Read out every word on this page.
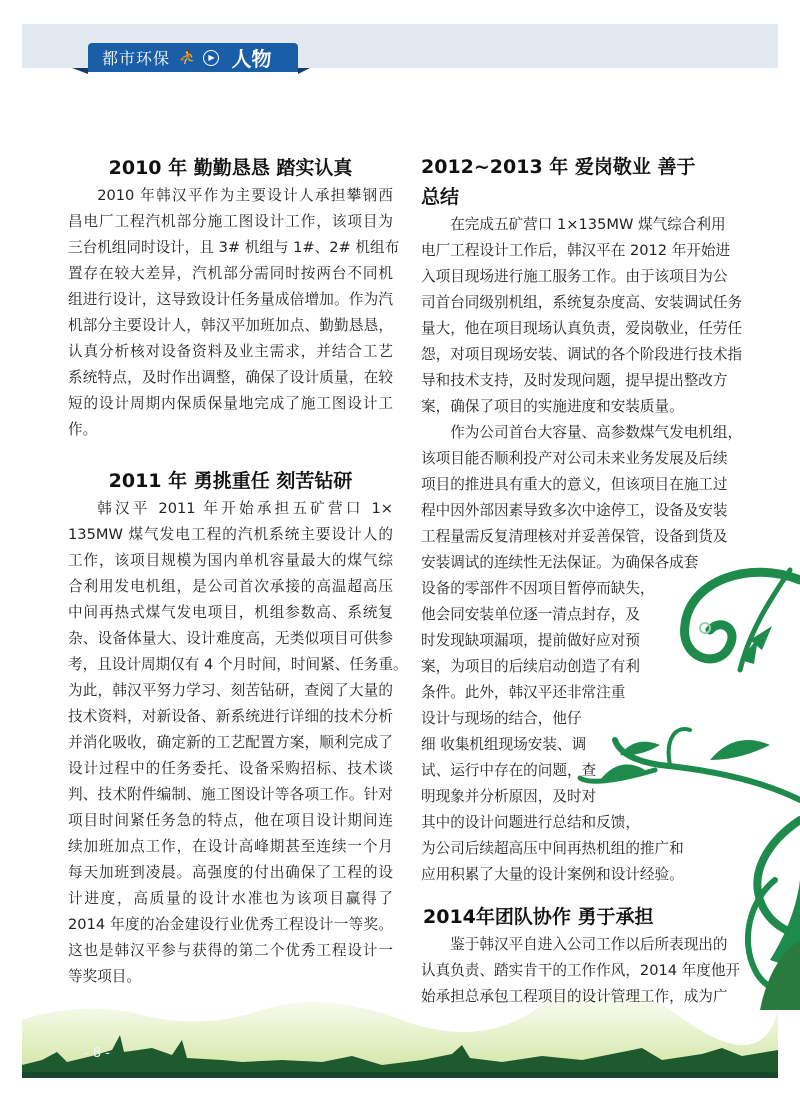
都市环保 ⛹	▶ 人物
2010 年 勤勤恳恳 踏实认真
2010 年韩汉平作为主要设计人承担攀钢西
昌电厂工程汽机部分施工图设计工作，该项目为
三台机组同时设计，且 3# 机组与 1#、2# 机组布
置存在较大差异，汽机部分需同时按两台不同机
组进行设计，这导致设计任务量成倍增加。作为汽
机部分主要设计人，韩汉平加班加点、勤勤恳恳，
认真分析核对设备资料及业主需求，并结合工艺
系统特点，及时作出调整，确保了设计质量，在较
短的设计周期内保质保量地完成了施工图设计工
作。
2011 年 勇挑重任 刻苦钻研
韩汉平 2011 年开始承担五矿营口 1×
135MW 煤气发电工程的汽机系统主要设计人的
工作，该项目规模为国内单机容量最大的煤气综
合利用发电机组，是公司首次承接的高温超高压
中间再热式煤气发电项目，机组参数高、系统复
杂、设备体量大、设计难度高，无类似项目可供参
考，且设计周期仅有 4 个月时间，时间紧、任务重。
为此，韩汉平努力学习、刻苦钻研，查阅了大量的
技术资料，对新设备、新系统进行详细的技术分析
并消化吸收，确定新的工艺配置方案，顺利完成了
设计过程中的任务委托、设备采购招标、技术谈
判、技术附件编制、施工图设计等各项工作。针对
项目时间紧任务急的特点，他在项目设计期间连
续加班加点工作，在设计高峰期甚至连续一个月
每天加班到凌晨。高强度的付出确保了工程的设
计进度，高质量的设计水准也为该项目赢得了
2014 年度的冶金建设行业优秀工程设计一等奖。
这也是韩汉平参与获得的第二个优秀工程设计一
等奖项目。
2012~2013 年 爱岗敬业 善于
总结
在完成五矿营口 1×135MW 煤气综合利用
电厂工程设计工作后，韩汉平在 2012 年开始进
入项目现场进行施工服务工作。由于该项目为公
司首台同级别机组，系统复杂度高、安装调试任务
量大，他在项目现场认真负责，爱岗敬业，任劳任
怨，对项目现场安装、调试的各个阶段进行技术指
导和技术支持，及时发现问题，提早提出整改方
案，确保了项目的实施进度和安装质量。
作为公司首台大容量、高参数煤气发电机组，
该项目能否顺利投产对公司未来业务发展及后续
项目的推进具有重大的意义，但该项目在施工过
程中因外部因素导致多次中途停工，设备及安装
工程量需反复清理核对并妥善保管，设备到货及
安装调试的连续性无法保证。为确保各成套
设备的零部件不因项目暂停而缺失，
他会同安装单位逐一清点封存，及
时发现缺项漏项，提前做好应对预
案，为项目的后续启动创造了有利
条件。此外，韩汉平还非常注重
设计与现场的结合，他仔
细 收集机组现场安装、调
试、运行中存在的问题，查
明现象并分析原因，及时对
其中的设计问题进行总结和反馈，
为公司后续超高压中间再热机组的推广和
应用积累了大量的设计案例和设计经验。
2014年团队协作 勇于承担
鉴于韩汉平自进入公司工作以后所表现出的
认真负责、踏实肯干的工作作风，2014 年度他开
始承担总承包工程项目的设计管理工作，成为广
- 8 -
